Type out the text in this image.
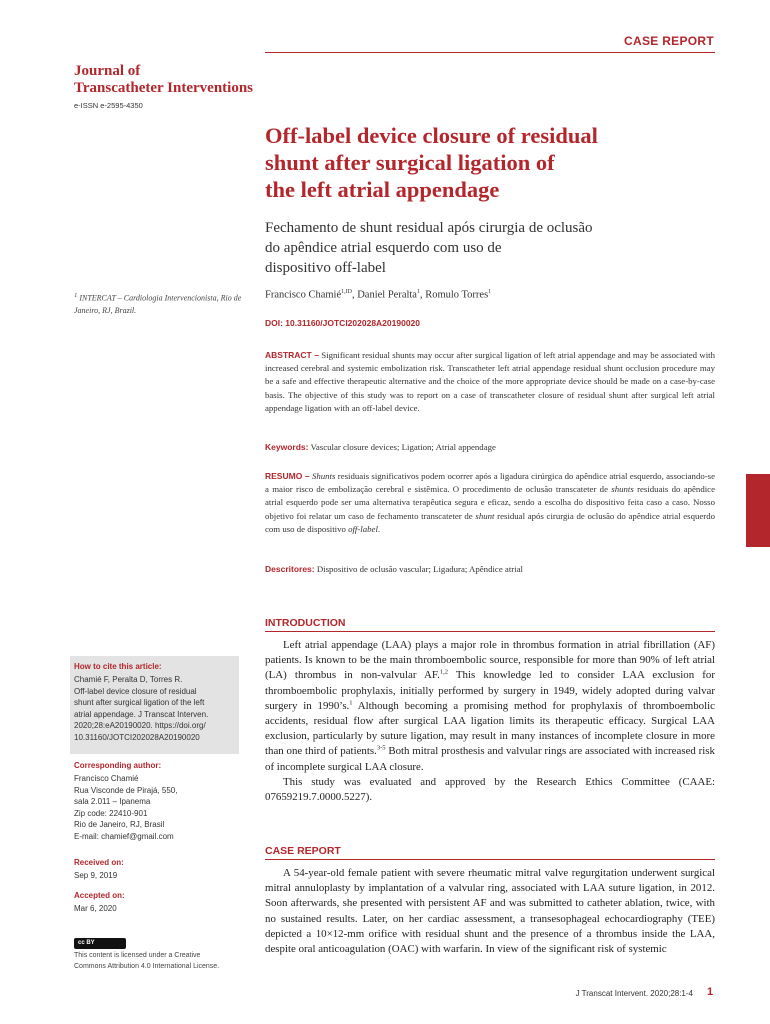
CASE REPORT
Journal of
Transcatheter Interventions
e-ISSN e-2595-4350
Off-label device closure of residual
shunt after surgical ligation of
the left atrial appendage
Fechamento de shunt residual após cirurgia de oclusão
do apêndice atrial esquerdo com uso de
dispositivo off-label
$^1$ INTERCAT – Cardiologia Intervencionista, Rio de Janeiro, RJ, Brazil.
Francisco Chamié$^{1,ID}$, Daniel Peralta$^1$, Romulo Torres$^1$
DOI: 10.31160/JOTCI202028A20190020
ABSTRACT – Significant residual shunts may occur after surgical ligation of left atrial appendage and may be associated with increased cerebral and systemic embolization risk. Transcatheter left atrial appendage residual shunt occlusion procedure may be a safe and effective therapeutic alternative and the choice of the more appropriate device should be made on a case-by-case basis. The objective of this study was to report on a case of transcatheter closure of residual shunt after surgical left atrial appendage ligation with an off-label device.
Keywords: Vascular closure devices; Ligation; Atrial appendage
RESUMO – Shunts residuais significativos podem ocorrer após a ligadura cirúrgica do apêndice atrial esquerdo, associando-se a maior risco de embolização cerebral e sistêmica. O procedimento de oclusão transcateter de shunts residuais do apêndice atrial esquerdo pode ser uma alternativa terapêutica segura e eficaz, sendo a escolha do dispositivo feita caso a caso. Nosso objetivo foi relatar um caso de fechamento transcateter de shunt residual após cirurgia de oclusão do apêndice atrial esquerdo com uso de dispositivo off-label.
Descritores: Dispositivo de oclusão vascular; Ligadura; Apêndice atrial
INTRODUCTION

Left atrial appendage (LAA) plays a major role in thrombus formation in atrial fibrillation (AF) patients. Is known to be the main thromboembolic source, responsible for more than 90% of left atrial (LA) thrombus in non-valvular AF.$^{1,2}$ This knowledge led to consider LAA exclusion for thromboembolic prophylaxis, initially performed by surgery in 1949, widely adopted during valvar surgery in 1990’s.$^1$ Although becoming a promising method for prophylaxis of thromboembolic accidents, residual flow after surgical LAA ligation limits its therapeutic efficacy. Surgical LAA exclusion, particularly by suture ligation, may result in many instances of incomplete closure in more than one third of patients.$^{3-5}$ Both mitral prosthesis and valvular rings are associated with increased risk of incomplete surgical LAA closure.

This study was evaluated and approved by the Research Ethics Committee (CAAE: 07659219.7.0000.5227).

CASE REPORT

A 54-year-old female patient with severe rheumatic mitral valve regurgitation underwent surgical mitral annuloplasty by implantation of a valvular ring, associated with LAA suture ligation, in 2012. Soon afterwards, she presented with persistent AF and was submitted to catheter ablation, twice, with no sustained results. Later, on her cardiac assessment, a transesophageal echocardiography (TEE) depicted a 10×12-mm orifice with residual shunt and the presence of a thrombus inside the LAA, despite oral anticoagulation (OAC) with warfarin. In view of the significant risk of systemic

How to cite this article:
Chamié F, Peralta D, Torres R.
Off-label device closure of residual
shunt after surgical ligation of the left
atrial appendage. J Transcat Interven.
2020;28:eA20190020. https://doi.org/
10.31160/JOTCI202028A20190020
Corresponding author:
Francisco Chamié
Rua Visconde de Pirajá, 550,
sala 2.011 – Ipanema
Zip code: 22410-901
Rio de Janeiro, RJ, Brasil
E-mail: chamief@gmail.com
Received on:
Sep 9, 2019
Accepted on:
Mar 6, 2020
cc BY
This content is licensed under a Creative
Commons Attribution 4.0 International License.
J Transcat Intervent. 2020;28:1-4 1
